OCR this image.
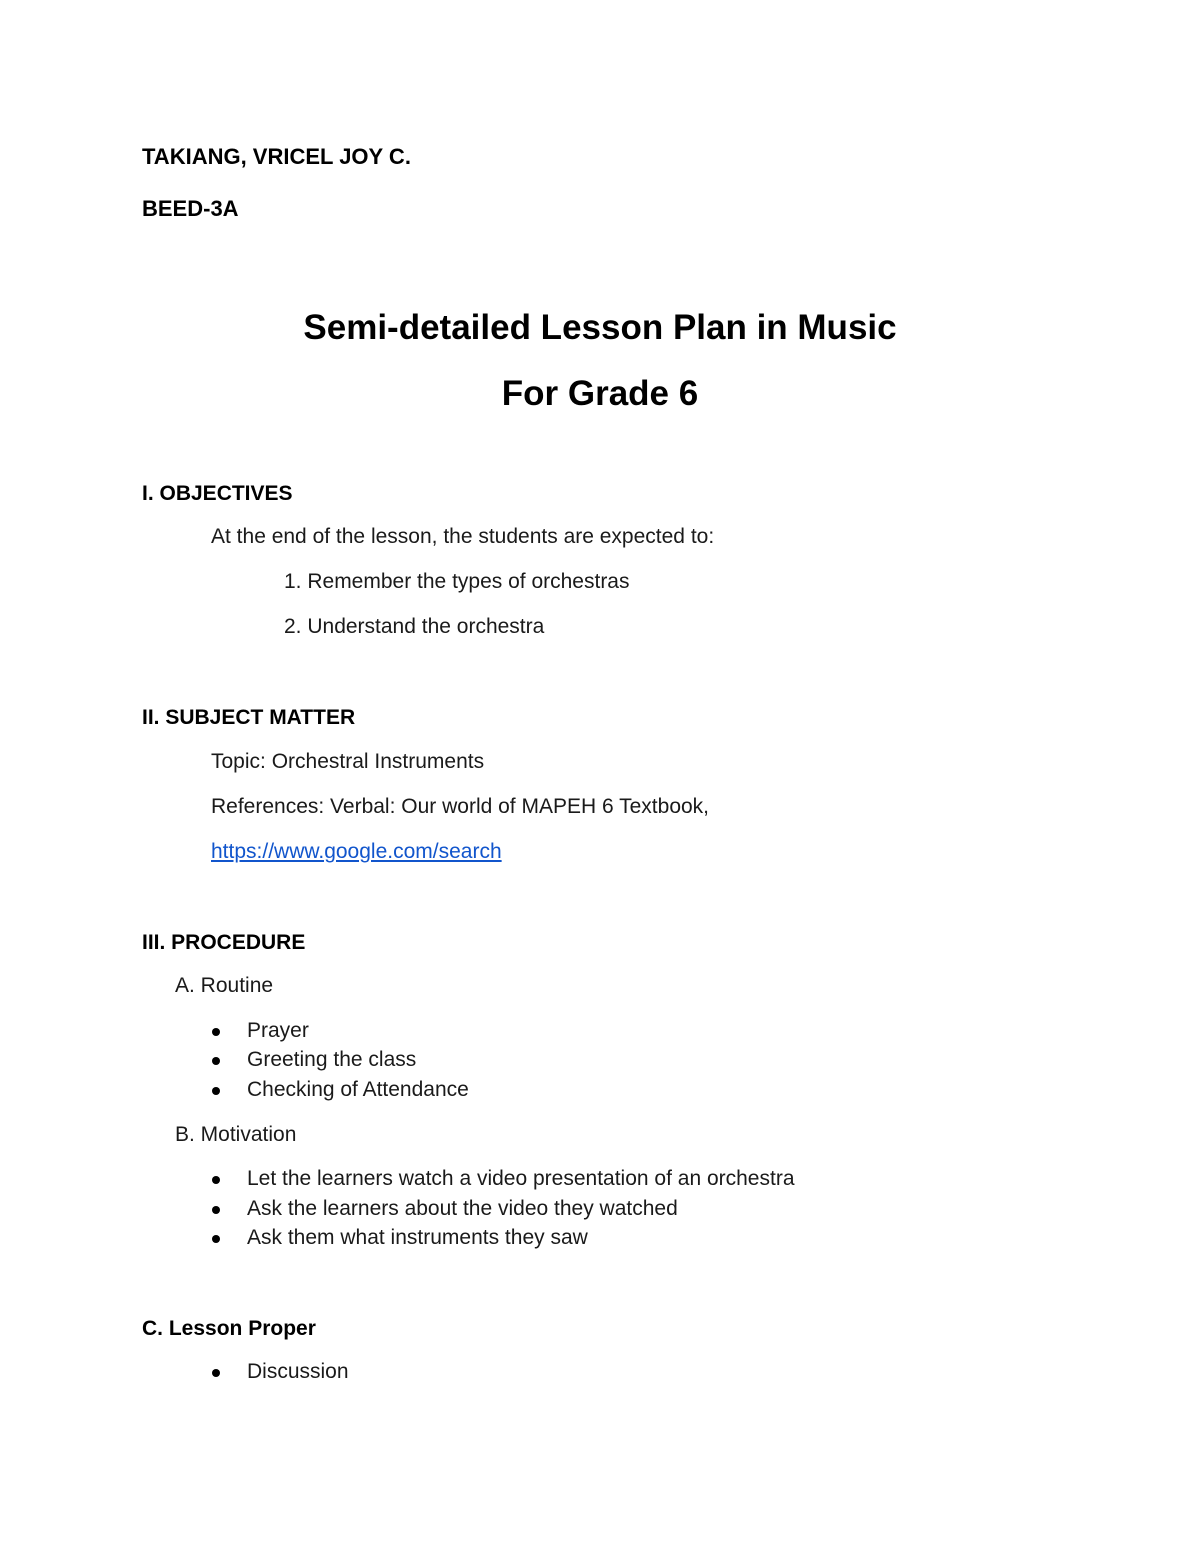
TAKIANG, VRICEL JOY C.

BEED-3A

Semi-detailed Lesson Plan in Music

For Grade 6

I. OBJECTIVES

At the end of the lesson, the students are expected to:

1. Remember the types of orchestras

2. Understand the orchestra

II. SUBJECT MATTER

Topic: Orchestral Instruments

References: Verbal: Our world of MAPEH 6 Textbook,

https://www.google.com/search

III. PROCEDURE

A. Routine

Prayer

Greeting the class

Checking of Attendance

B. Motivation

Let the learners watch a video presentation of an orchestra

Ask the learners about the video they watched

Ask them what instruments they saw

C. Lesson Proper

Discussion
